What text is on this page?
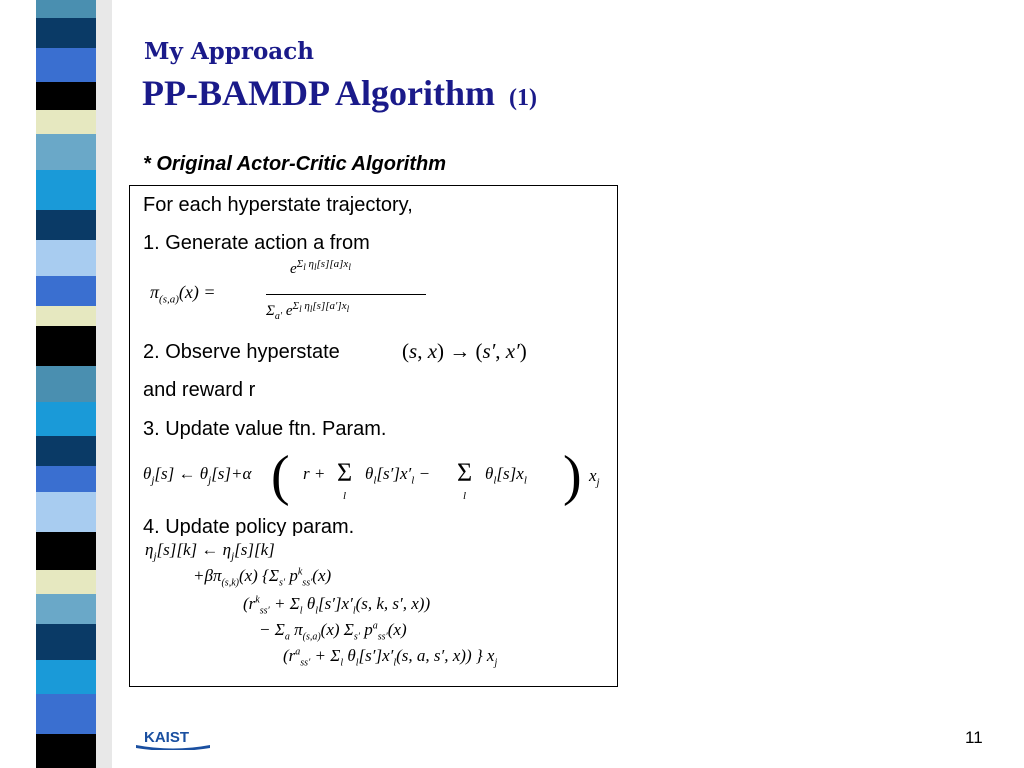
My Approach
PP-BAMDP Algorithm (1)
* Original Actor-Critic Algorithm
For each hyperstate trajectory,
1. Generate action a from
$\pi_{(s,a)}(x)$ =
$e^{\Sigma_l \eta_l[s][a]x_l}$
$\Sigma_{a'}$ $e^{\Sigma_l \eta_l[s][a']x_l}$
2. Observe hyperstate	(s, x) → (s′, x′)
and reward r
3. Update value ftn. Param.
$\theta_j[s]$ ← $\theta_j[s]+\alpha$ ( r + Σ
l
$\theta_l[s']x'_l - \Sigma$
l
$\theta_l[s]x_l$ ) $x_j$
4. Update policy param.
$\eta_j[s][k]$ ← $\eta_j[s][k]$
$+\beta\pi_{(s,k)}(x)$ {$\Sigma_{s'}$ $p^k_{ss'}(x)$
($r^k_{ss'} + \Sigma_l$ $\theta_l[s']x'_l(s$, k, s′, x))
− $\Sigma_a$ $\pi_{(s,a)}(x)$ $\Sigma_{s'}$ $p^a_{ss'}(x)$
($r^a_{ss'} + \Sigma_l$ $\theta_l[s']x'_l(s$, a, s′, x)) } $x_j$
KAIST	11
